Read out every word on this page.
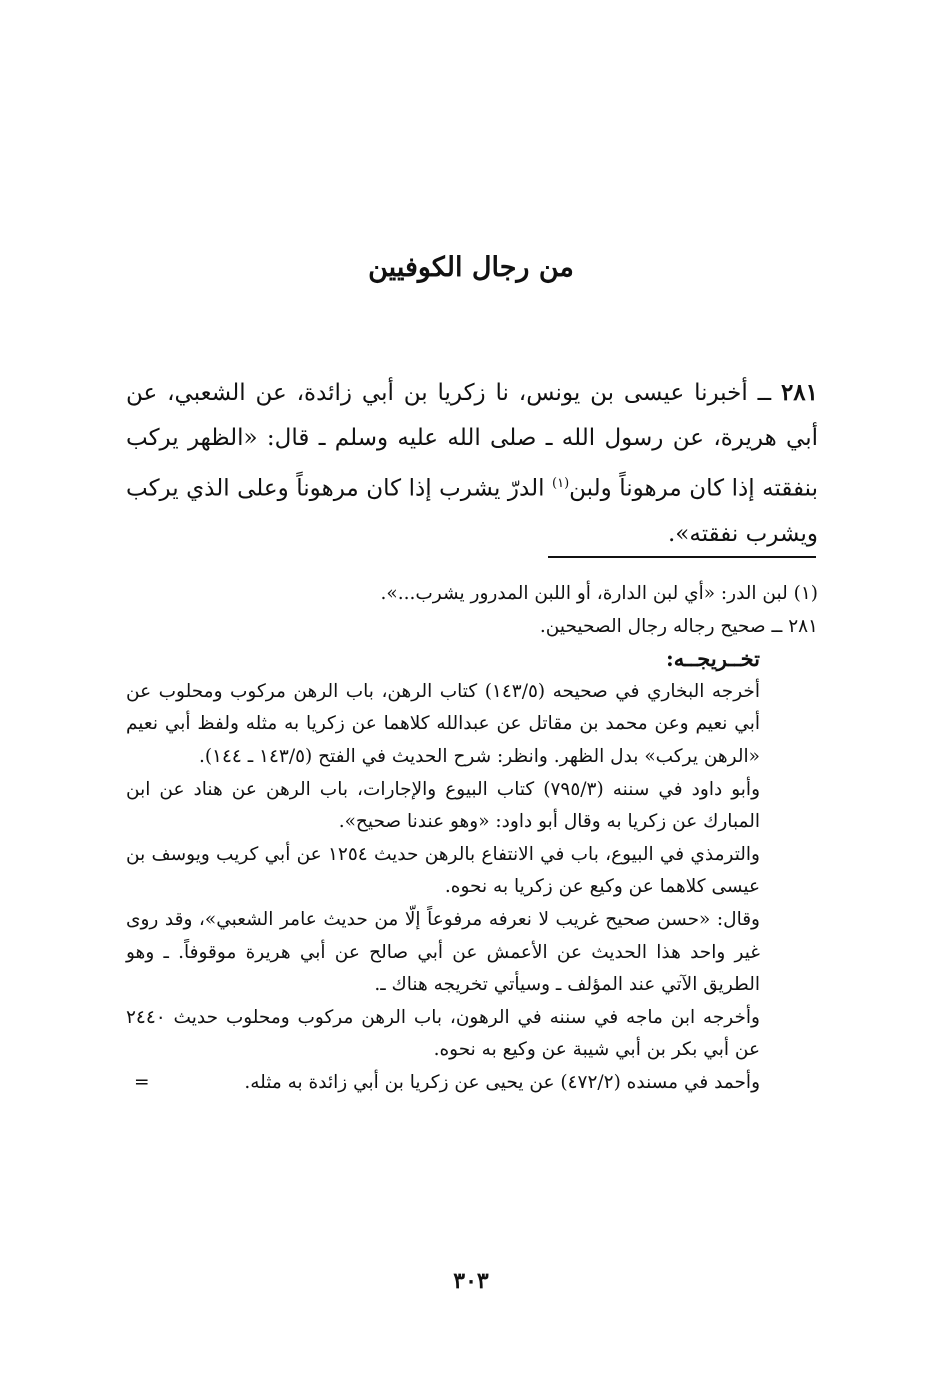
من رجال الكوفيين

٢٨١ ــ أخبرنا عيسى بن يونس، نا زكريا بن أبي زائدة، عن الشعبي، عن أبي هريرة، عن رسول الله ـ صلى الله عليه وسلم ـ قال: «الظهر يركب بنفقته إذا كان مرهوناً ولبن$^{(١)}$ الدرّ يشرب إذا كان مرهوناً وعلى الذي يركب ويشرب نفقته».

(١) لبن الدر: «أي لبن الدارة، أو اللبن المدرور يشرب...».

٢٨١ ــ صحيح رجاله رجال الصحيحين.

تخــريجــه:

أخرجه البخاري في صحيحه (١٤٣/٥) كتاب الرهن، باب الرهن مركوب ومحلوب عن أبي نعيم وعن محمد بن مقاتل عن عبدالله كلاهما عن زكريا به مثله ولفظ أبي نعيم «الرهن يركب» بدل الظهر. وانظر: شرح الحديث في الفتح (١٤٣/٥ ـ ١٤٤).

وأبو داود في سننه (٧٩٥/٣) كتاب البيوع والإجارات، باب الرهن عن هناد عن ابن المبارك عن زكريا به وقال أبو داود: «وهو عندنا صحيح».

والترمذي في البيوع، باب في الانتفاع بالرهن حديث ١٢٥٤ عن أبي كريب ويوسف بن عيسى كلاهما عن وكيع عن زكريا به نحوه.

وقال: «حسن صحيح غريب لا نعرفه مرفوعاً إلّا من حديث عامر الشعبي»، وقد روى غير واحد هذا الحديث عن الأعمش عن أبي صالح عن أبي هريرة موقوفاً. ـ وهو الطريق الآتي عند المؤلف ـ وسيأتي تخريجه هناك ـ.

وأخرجه ابن ماجه في سننه في الرهون، باب الرهن مركوب ومحلوب حديث ٢٤٤٠ عن أبي بكر بن أبي شيبة عن وكيع به نحوه.

=	وأحمد في مسنده (٤٧٢/٢) عن يحيى عن زكريا بن أبي زائدة به مثله.

٣٠٣
